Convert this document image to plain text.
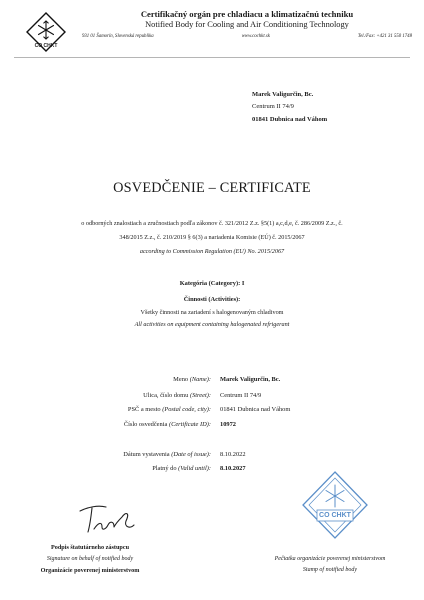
CO CHKT
Certifikačný orgán pre chladiacu a klimatizačnú techniku
Notified Body for Cooling and Air Conditioning Technology
931 01 Šamorín, Slovenská republika	www.cochkt.sk	Tel./Fax: +421 31 550 1748
Marek Valigurčin, Bc.
Centrum II 74/9
01841 Dubnica nad Váhom
OSVEDČENIE – CERTIFICATE
o odborných znalostiach a zručnostiach podľa zákonov č. 321/2012 Z.z. §5(1) a,c,d,e, č. 286/2009 Z.z., č.
348/2015 Z.z., č. 210/2019 § 6(3) a nariadenia Komisie (EÚ) č. 2015/2067
according to Commission Regulation (EU) No. 2015/2067
Kategória (Category): I
Činnosti (Activities):
Všetky činnosti na zariadení s halogenovaným chladivom
All activities on equipment containing halogenated refrigerant
Meno (Name): Marek Valigurčin, Bc.
Ulica, číslo domu (Street): Centrum II 74/9
PSČ a mesto (Postal code, city): 01841 Dubnica nad Váhom
Číslo osvedčenia (Certificate ID): 10972
Dátum vystavenia (Date of issue): 8.10.2022
Platný do (Valid until): 8.10.2027
Podpis štatutárneho zástupcu
Signature on behalf of notified body
Organizácie poverenej ministerstvom
CO CHKT
Pečiatka organizácie poverenej ministerstvom
Stamp of notified body
